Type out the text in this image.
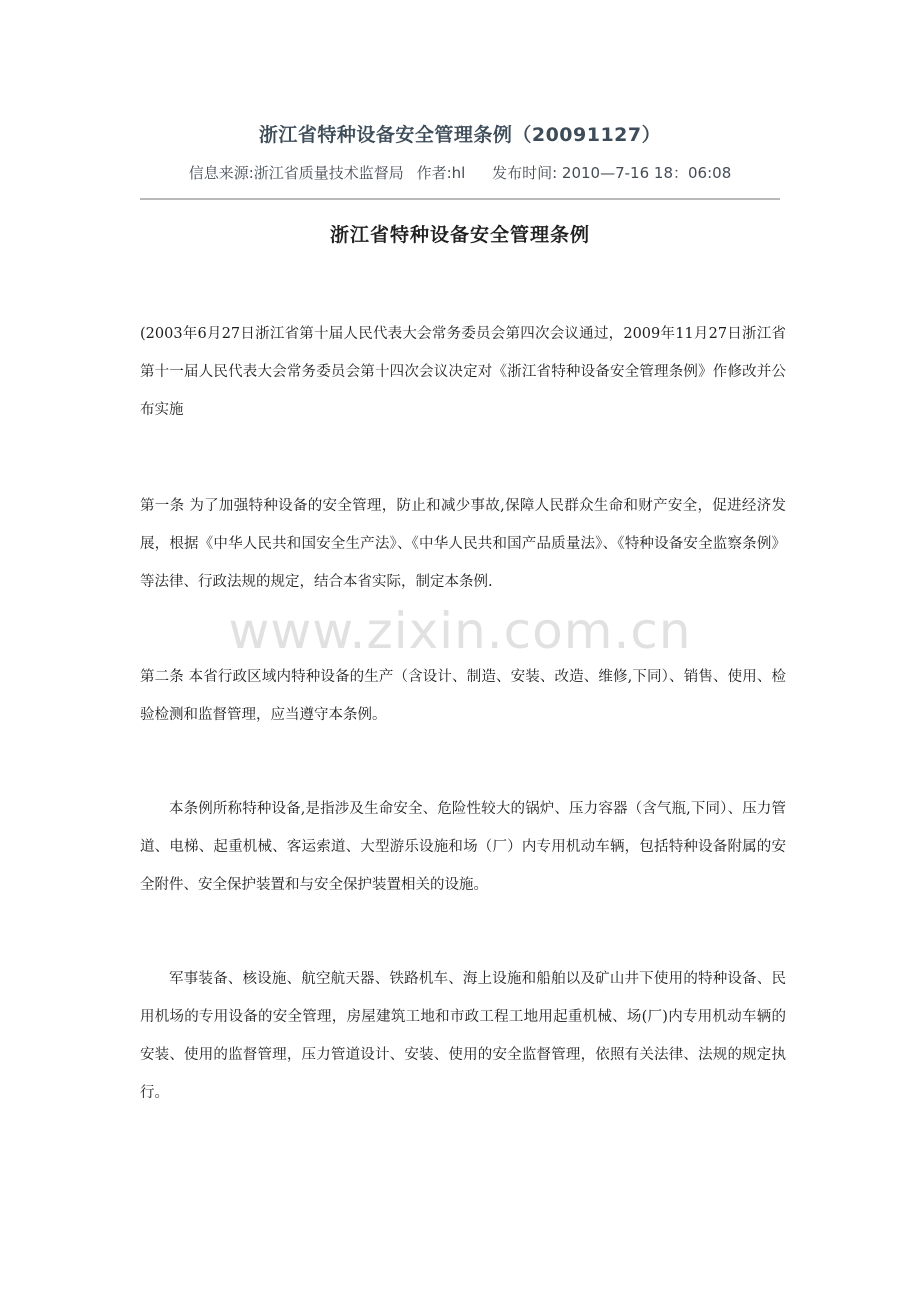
浙江省特种设备安全管理条例（20091127）
信息来源:浙江省质量技术监督局 作者:hl 发布时间: 2010—7-16 18：06:08
浙江省特种设备安全管理条例
(2003年6月27日浙江省第十届人民代表大会常务委员会第四次会议通过，2009年11月27日浙江省第十一届人民代表大会常务委员会第十四次会议决定对《浙江省特种设备安全管理条例》作修改并公布实施
第一条 为了加强特种设备的安全管理，防止和减少事故,保障人民群众生命和财产安全，促进经济发展，根据《中华人民共和国安全生产法》、《中华人民共和国产品质量法》、《特种设备安全监察条例》等法律、行政法规的规定，结合本省实际，制定本条例.
第二条 本省行政区域内特种设备的生产（含设计、制造、安装、改造、维修,下同）、销售、使用、检验检测和监督管理，应当遵守本条例。
本条例所称特种设备,是指涉及生命安全、危险性较大的锅炉、压力容器（含气瓶,下同）、压力管道、电梯、起重机械、客运索道、大型游乐设施和场（厂）内专用机动车辆，包括特种设备附属的安全附件、安全保护装置和与安全保护装置相关的设施。
军事装备、核设施、航空航天器、铁路机车、海上设施和船舶以及矿山井下使用的特种设备、民用机场的专用设备的安全管理，房屋建筑工地和市政工程工地用起重机械、场(厂)内专用机动车辆的安装、使用的监督管理，压力管道设计、安装、使用的安全监督管理，依照有关法律、法规的规定执行。
www.zixin.com.cn
